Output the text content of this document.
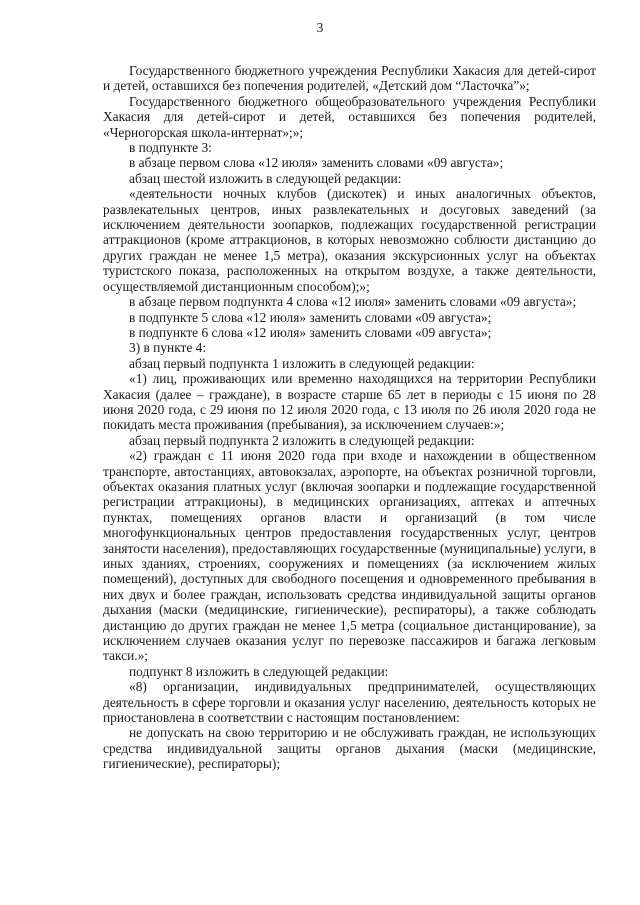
3

Государственного бюджетного учреждения Республики Хакасия для детей-сирот и детей, оставшихся без попечения родителей, «Детский дом “Ласточка”»;

Государственного бюджетного общеобразовательного учреждения Республики Хакасия для детей-сирот и детей, оставшихся без попечения родителей, «Черногорская школа-интернат»;»;

в подпункте 3:

в абзаце первом слова «12 июля» заменить словами «09 августа»;

абзац шестой изложить в следующей редакции:

«деятельности ночных клубов (дискотек) и иных аналогичных объектов, развлекательных центров, иных развлекательных и досуговых заведений (за исключением деятельности зоопарков, подлежащих государственной регистрации аттракционов (кроме аттракционов, в которых невозможно соблюсти дистанцию до других граждан не менее 1,5 метра), оказания экскурсионных услуг на объектах туристского показа, расположенных на открытом воздухе, а также деятельности, осуществляемой дистанционным способом);»;

в абзаце первом подпункта 4 слова «12 июля» заменить словами «09 августа»;

в подпункте 5 слова «12 июля» заменить словами «09 августа»;

в подпункте 6 слова «12 июля» заменить словами «09 августа»;

3) в пункте 4:

абзац первый подпункта 1 изложить в следующей редакции:

«1) лиц, проживающих или временно находящихся на территории Республики Хакасия (далее – граждане), в возрасте старше 65 лет в периоды с 15 июня по 28 июня 2020 года, с 29 июня по 12 июля 2020 года, с 13 июля по 26 июля 2020 года не покидать места проживания (пребывания), за исключением случаев:»;

абзац первый подпункта 2 изложить в следующей редакции:

«2) граждан с 11 июня 2020 года при входе и нахождении в общественном транспорте, автостанциях, автовокзалах, аэропорте, на объектах розничной торговли, объектах оказания платных услуг (включая зоопарки и подлежащие государственной регистрации аттракционы), в медицинских организациях, аптеках и аптечных пунктах, помещениях органов власти и организаций (в том числе многофункциональных центров предоставления государственных услуг, центров занятости населения), предоставляющих государственные (муниципальные) услуги, в иных зданиях, строениях, сооружениях и помещениях (за исключением жилых помещений), доступных для свободного посещения и одновременного пребывания в них двух и более граждан, использовать средства индивидуальной защиты органов дыхания (маски (медицинские, гигиенические), респираторы), а также соблюдать дистанцию до других граждан не менее 1,5 метра (социальное дистанцирование), за исключением случаев оказания услуг по перевозке пассажиров и багажа легковым такси.»;

подпункт 8 изложить в следующей редакции:

«8) организации, индивидуальных предпринимателей, осуществляющих деятельность в сфере торговли и оказания услуг населению, деятельность которых не приостановлена в соответствии с настоящим постановлением:

не допускать на свою территорию и не обслуживать граждан, не использующих средства индивидуальной защиты органов дыхания (маски (медицинские, гигиенические), респираторы);
